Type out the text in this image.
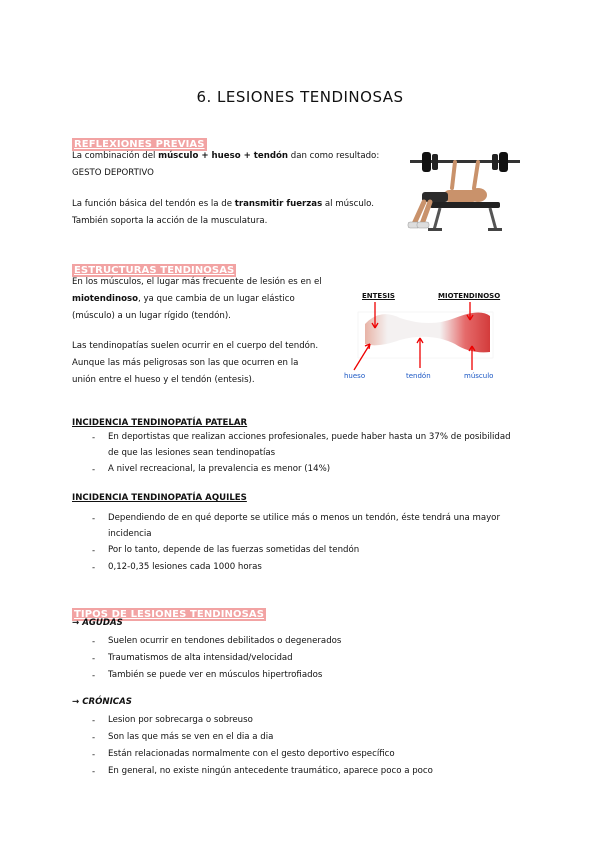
6. LESIONES TENDINOSAS
REFLEXIONES PREVIAS
La combinación del músculo + hueso + tendón dan como resultado:
GESTO DEPORTIVO
La función básica del tendón es la de transmitir fuerzas al músculo.
También soporta la acción de la musculatura.
ESTRUCTURAS TENDINOSAS
En los músculos, el lugar más frecuente de lesión es en el
miotendinoso, ya que cambia de un lugar elástico
(músculo) a un lugar rígido (tendón).
Las tendinopatías suelen ocurrir en el cuerpo del tendón.
Aunque las más peligrosas son las que ocurren en la
unión entre el hueso y el tendón (entesis).
ENTESIS	MIOTENDINOSO
hueso	tendón	músculo
INCIDENCIA TENDINOPATÍA PATELAR
- En deportistas que realizan acciones profesionales, puede haber hasta un 37% de posibilidad
de que las lesiones sean tendinopatías
- A nivel recreacional, la prevalencia es menor (14%)
INCIDENCIA TENDINOPATÍA AQUILES
- Dependiendo de en qué deporte se utilice más o menos un tendón, éste tendrá una mayor
incidencia
- Por lo tanto, depende de las fuerzas sometidas del tendón
- 0,12-0,35 lesiones cada 1000 horas
TIPOS DE LESIONES TENDINOSAS
→ AGUDAS
- Suelen ocurrir en tendones debilitados o degenerados
- Traumatismos de alta intensidad/velocidad
- También se puede ver en músculos hipertrofiados
→ CRÓNICAS
- Lesion por sobrecarga o sobreuso
- Son las que más se ven en el dia a dia
- Están relacionadas normalmente con el gesto deportivo específico
- En general, no existe ningún antecedente traumático, aparece poco a poco
